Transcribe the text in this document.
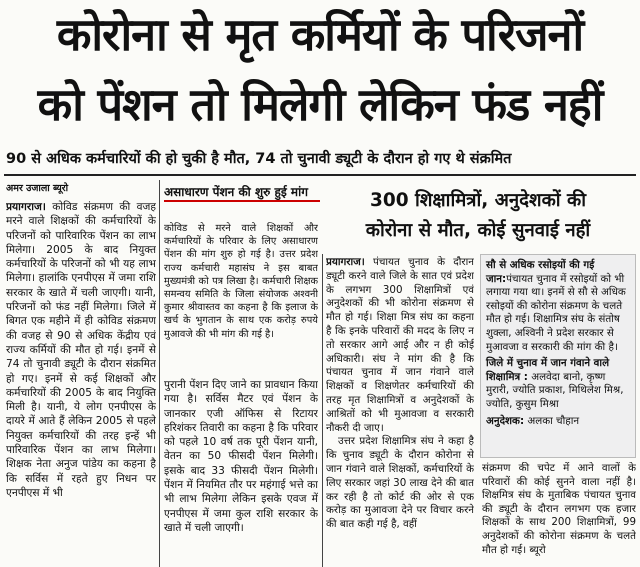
कोरोना से मृत कर्मियों के परिजनों
को पेंशन तो मिलेगी लेकिन फंड नहीं
90 से अधिक कर्मचारियों की हो चुकी है मौत, 74 तो चुनावी ड्यूटी के दौरान हो गए थे संक्रमित
अमर उजाला ब्यूरो

प्रयागराज। कोविड संक्रमण की वजह मरने वाले शिक्षकों की कर्मचारियों के परिजनों को पारिवारिक पेंशन का लाभ मिलेगा। 2005 के बाद नियुक्त कर्मचारियों के परिजनों को भी यह लाभ मिलेगा। हालांकि एनपीएस में जमा राशि सरकार के खाते में चली जाएगी। यानी, परिजनों को फंड नहीं मिलेगा। जिले में बिगत एक महीने में ही कोविड संक्रमण की वजह से 90 से अधिक केंद्रीय एवं राज्य कर्मियों की मौत हो गई। इनमें से 74 तो चुनावी ड्यूटी के दौरान संक्रमित हो गए। इनमें से कई शिक्षकों और कर्मचारियों की 2005 के बाद नियुक्ति मिली है। यानी, ये लोग एनपीएस के दायरे में आते हैं लेकिन 2005 से पहले नियुक्त कर्मचारियों की तरह इन्हें भी पारिवारिक पेंशन का लाभ मिलेगा। शिक्षक नेता अनुज पांडेय का कहना है कि सर्विस में रहते हुए निधन पर एनपीएस में भी

असाधारण पेंशन की शुरु हुई मांग

कोविड से मरने वाले शिक्षकों और कर्मचारियों के परिवार के लिए असाधारण पेंशन की मांग शुरु हो गई है। उत्तर प्रदेश राज्य कर्मचारी महासंघ ने इस बाबत मुख्यमंत्री को पत्र लिखा है। कर्मचारी शिक्षक समन्वय समिति के जिला संयोजक अश्वनी कुमार श्रीवास्तव का कहना है कि इलाज के खर्च के भुगतान के साथ एक करोड़ रुपये मुआवजे की भी मांग की गई है।

पुरानी पेंशन दिए जाने का प्रावधान किया गया है। सर्विस मैटर एवं पेंशन के जानकार एजी ऑफिस से रिटायर हरिशंकर तिवारी का कहना है कि परिवार को पहले 10 वर्ष तक पूरी पेंशन यानी, वेतन का 50 फीसदी पेंशन मिलेगी। इसके बाद 33 फीसदी पेंशन मिलेगी। पेंशन में नियमित तौर पर महंगाई भत्ते का भी लाभ मिलेगा लेकिन इसके एवज में एनपीएस में जमा कुल राशि सरकार के खाते में चली जाएगी।

300 शिक्षामित्रों, अनुदेशकों की
कोरोना से मौत, कोई सुनवाई नहीं

प्रयागराज। पंचायत चुनाव के दौरान ड्यूटी करने वाले जिले के सात एवं प्रदेश के लगभग 300 शिक्षामित्रों एवं अनुदेशकों की भी कोरोना संक्रमण से मौत हो गई। शिक्षा मित्र संघ का कहना है कि इनके परिवारों की मदद के लिए न तो सरकार आगे आई और न ही कोई अधिकारी। संघ ने मांग की है कि पंचायत चुनाव में जान गंवाने वाले शिक्षकों व शिक्षणेतर कर्मचारियों की तरह मृत शिक्षामित्रों व अनुदेशकों के आश्रितों को भी मुआवजा व सरकारी नौकरी दी जाए।

उत्तर प्रदेश शिक्षामित्र संघ ने कहा है कि चुनाव ड्यूटी के दौरान कोरोना से जान गंवाने वाले शिक्षकों, कर्मचारियों के लिए सरकार जहां 30 लाख देने की बात कर रही है तो कोर्ट की ओर से एक करोड़ का मुआवजा देने पर विचार करने की बात कही गई है, वहीं

सौ से अधिक रसोइयों की गई जान:पंचायत चुनाव में रसोइयों को भी लगाया गया था। इनमें से सौ से अधिक रसोइयों की कोरोना संक्रमण के चलते मौत हो गई। शिक्षामित्र संघ के संतोष शुक्ला, अश्विनी ने प्रदेश सरकार से मुआवजा व सरकारी की मांग की है।

जिले में चुनाव में जान गंवाने वाले शिक्षामित्र : अलवेदा बानो, कृष्ण मुरारी, ज्योति प्रकाश, मिथिलेश मिश्र, ज्योति, कुसुम मिश्रा

अनुदेशक: अलका चौहान

संक्रमण की चपेट में आने वालों के परिवारों की कोई सुनने वाला नहीं है। शिक्षमित्र संघ के मुताबिक पंचायत चुनाव की ड्यूटी के दौरान लगभग एक हजार शिक्षकों के साथ 200 शिक्षामित्रों, 99 अनुदेशकों की कोरोना संक्रमण के चलते मौत हो गई। ब्यूरो
